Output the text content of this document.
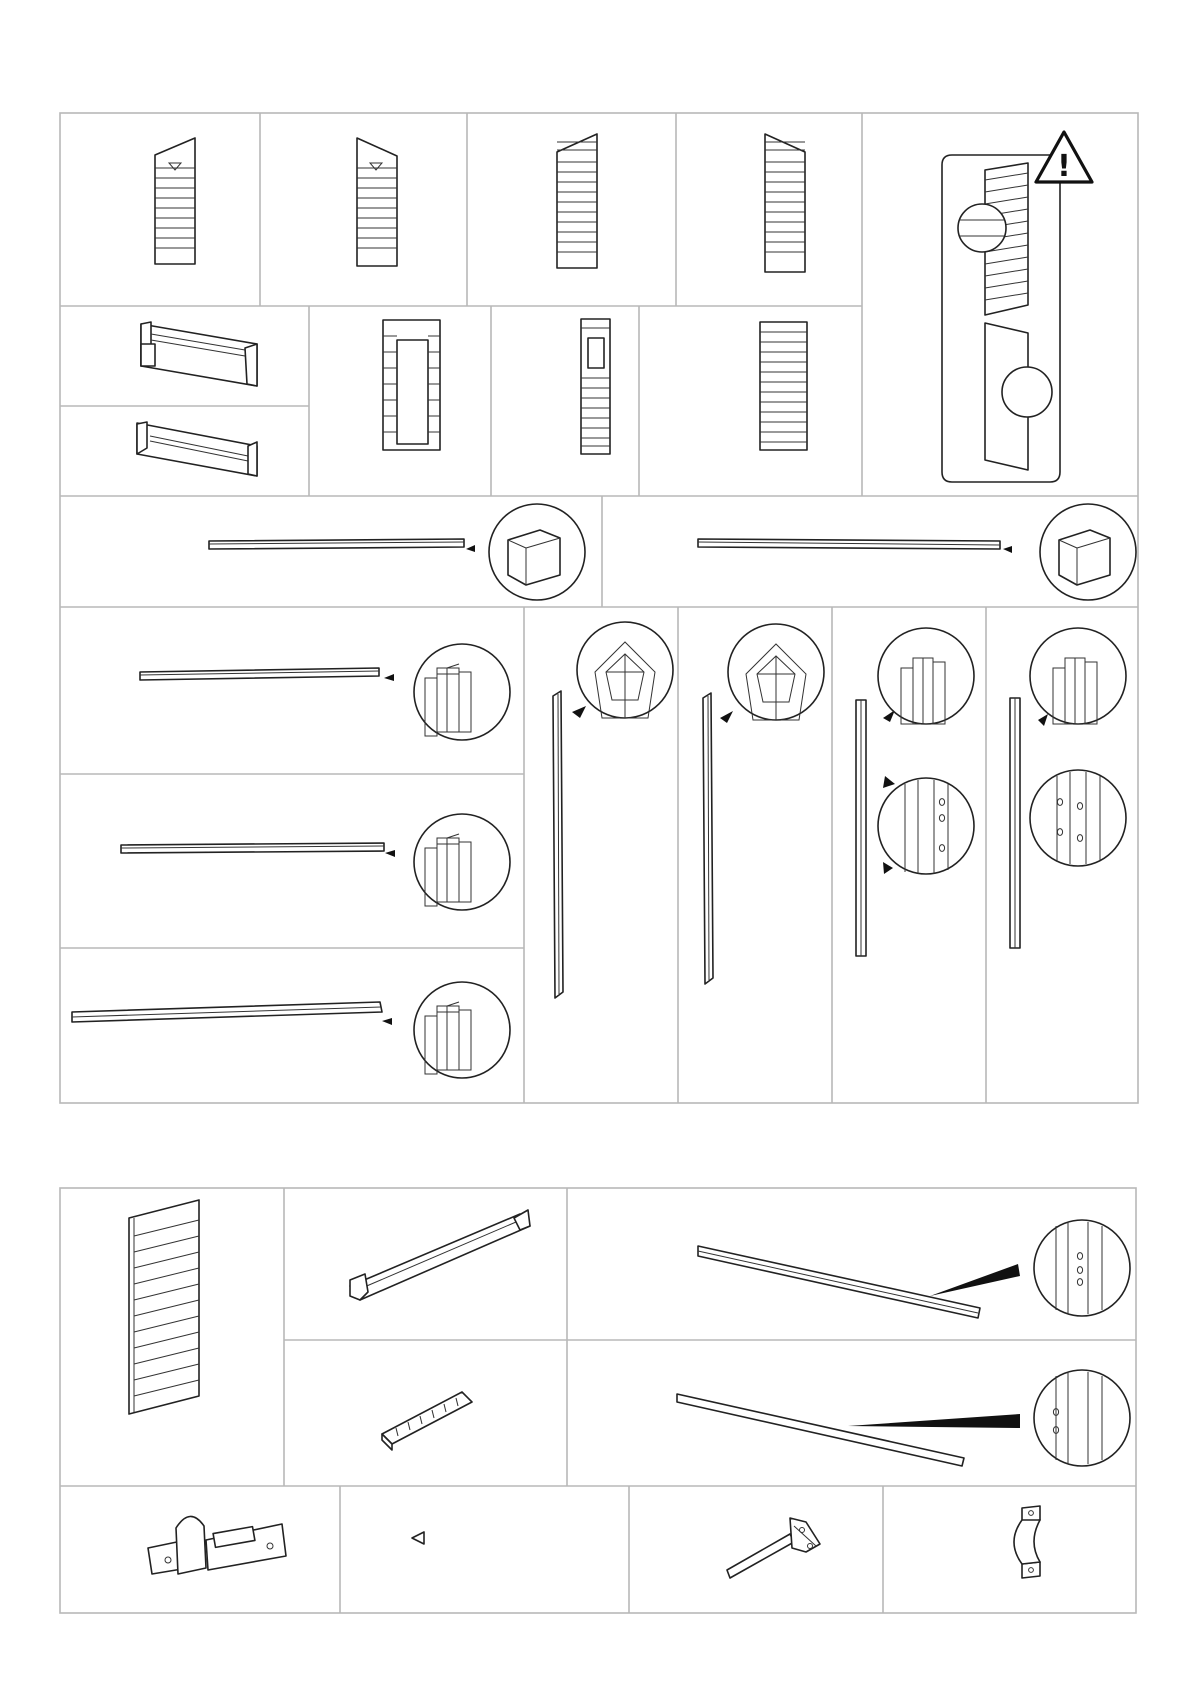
!
